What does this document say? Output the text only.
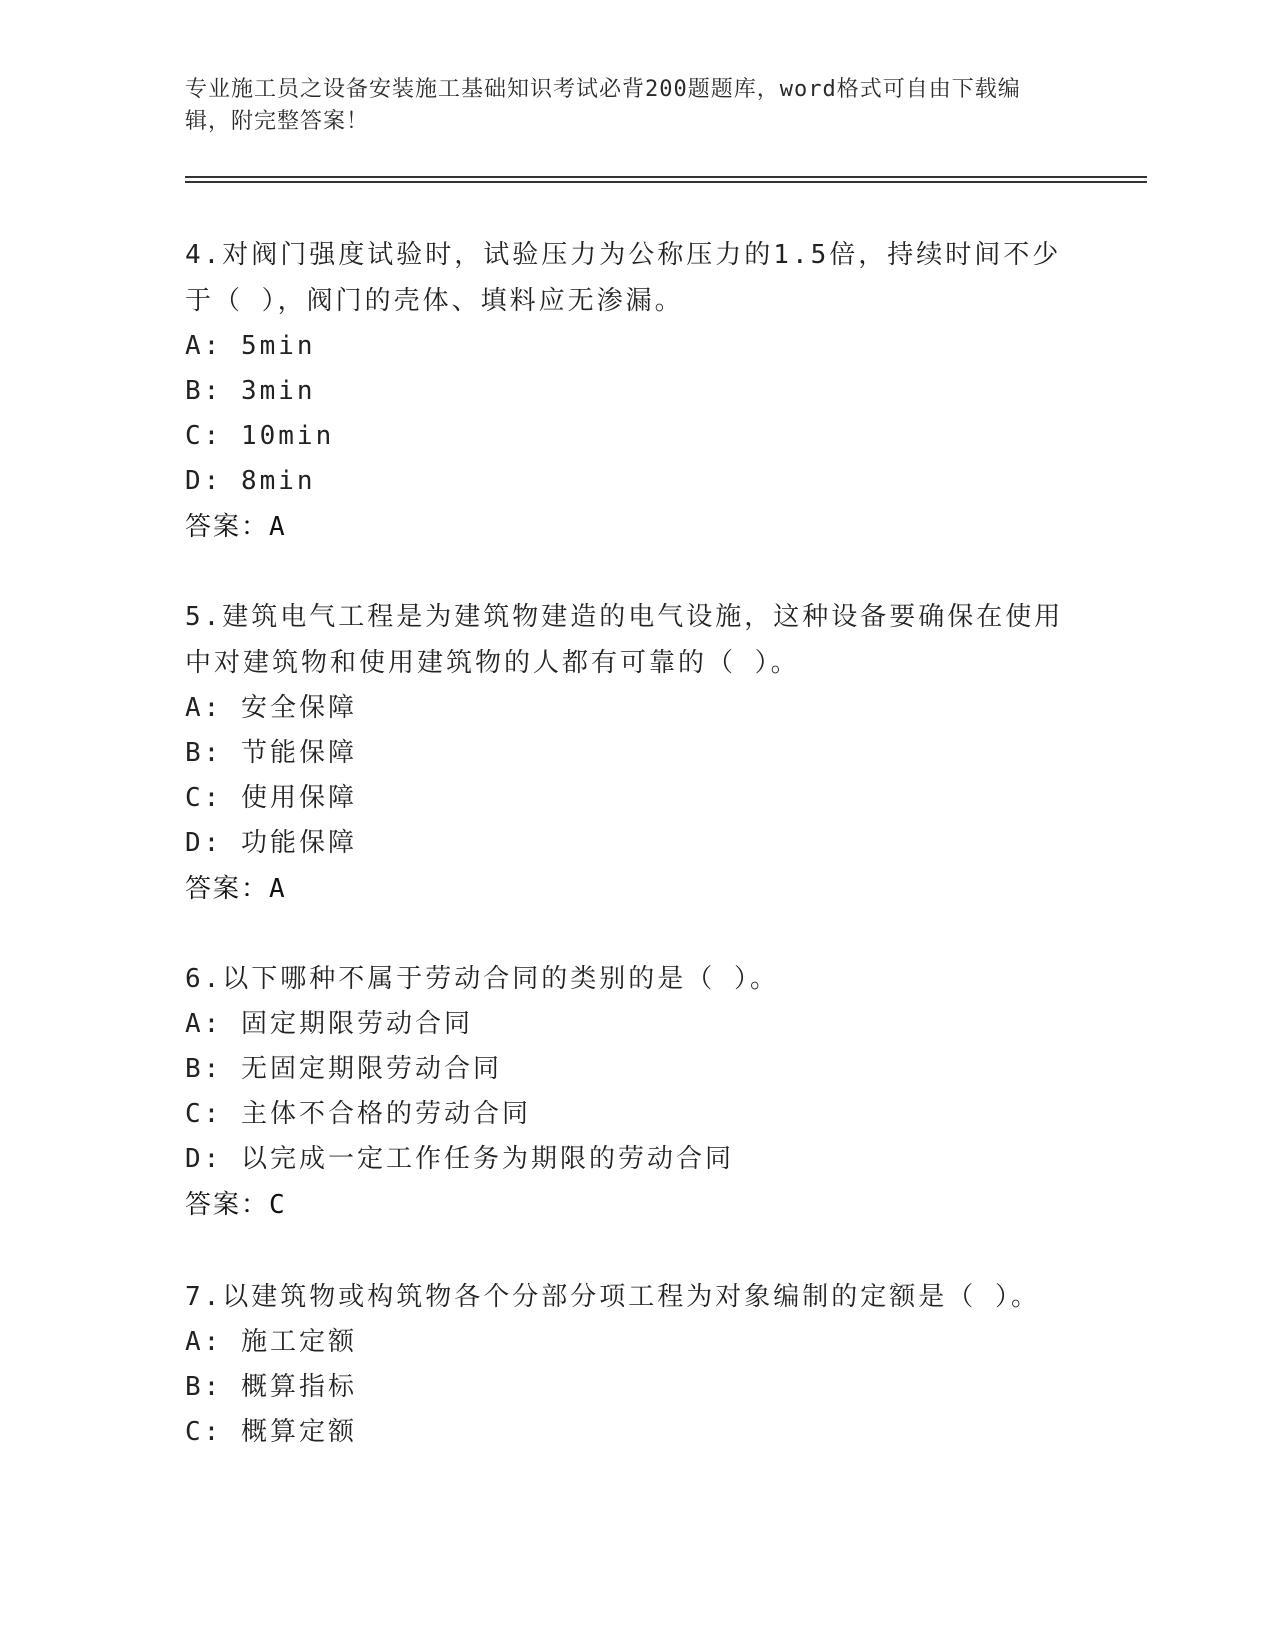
专业施工员之设备安装施工基础知识考试必背200题题库，word格式可自由下载编辑，附完整答案！
4.对阀门强度试验时，试验压力为公称压力的1.5倍，持续时间不少于（ ），阀门的壳体、填料应无渗漏。
A: 5min
B: 3min
C: 10min
D: 8min
答案：A
5.建筑电气工程是为建筑物建造的电气设施，这种设备要确保在使用中对建筑物和使用建筑物的人都有可靠的（ ）。
A: 安全保障
B: 节能保障
C: 使用保障
D: 功能保障
答案：A
6.以下哪种不属于劳动合同的类别的是（ ）。
A: 固定期限劳动合同
B: 无固定期限劳动合同
C: 主体不合格的劳动合同
D: 以完成一定工作任务为期限的劳动合同
答案：C
7.以建筑物或构筑物各个分部分项工程为对象编制的定额是（ ）。
A: 施工定额
B: 概算指标
C: 概算定额
